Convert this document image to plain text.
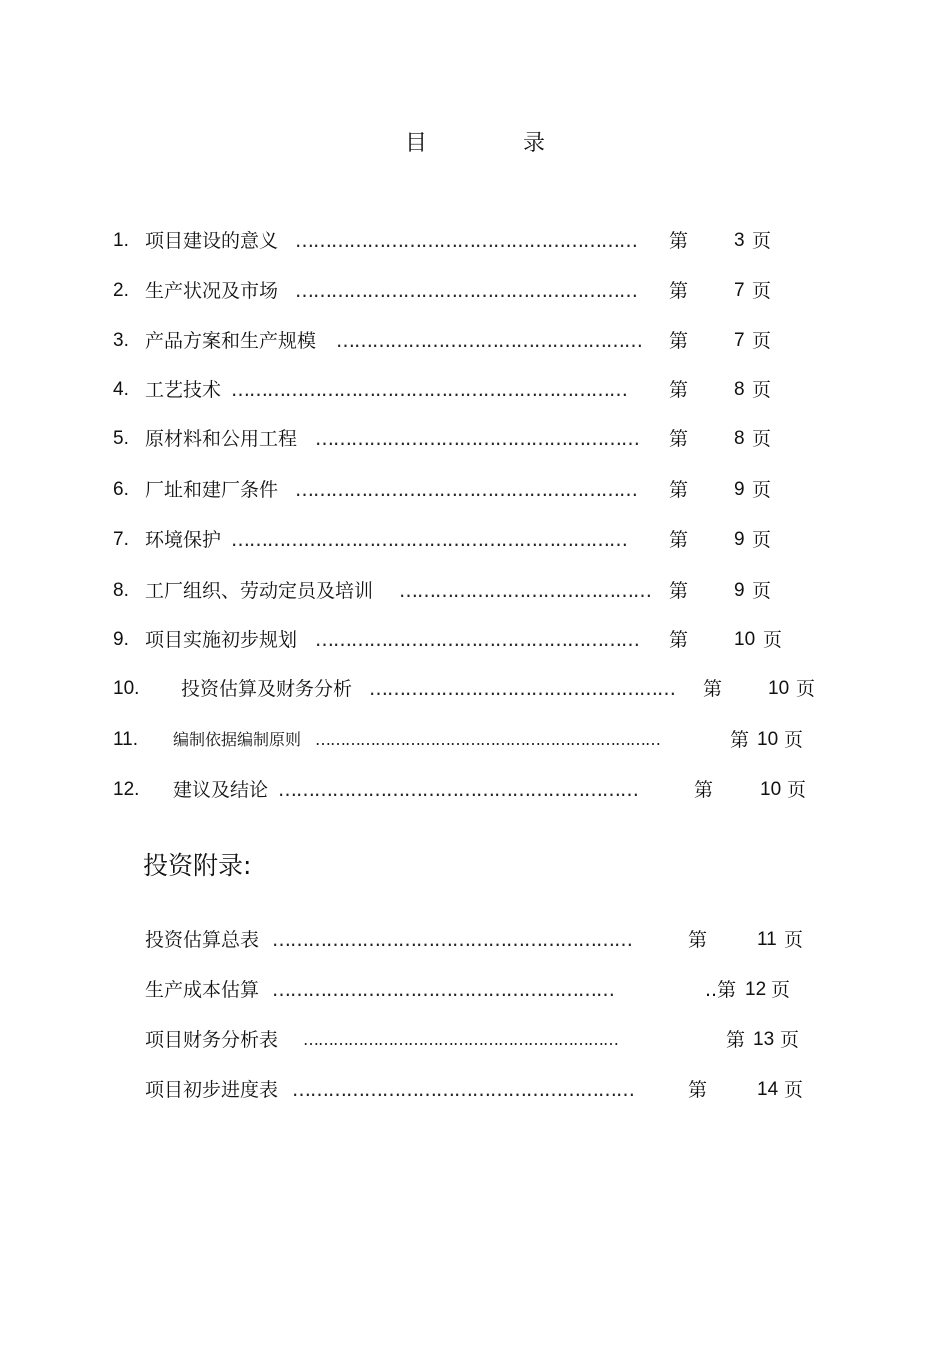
目	录
1. 项目建设的意义 …………………………………………………	第 3 页
2. 生产状况及市场 …………………………………………………	第 7 页
3. 产品方案和生产规模 ……………………………………………	第 7 页
4. 工艺技术 …………………………………………………………	第 8 页
5. 原材料和公用工程 ………………………………………………	第 8 页
6. 厂址和建厂条件 …………………………………………………	第 9 页
7. 环境保护 …………………………………………………………	第 9 页
8. 工厂组织、劳动定员及培训 …………………………………… 第 9 页
9. 项目实施初步规划 ………………………………………………	第 10 页
10. 投资估算及财务分析 ……………………………………………	第 10 页
11. 编制依据编制原则 ……………………………………………………………	第 10 页
12. 建议及结论 ……………………………………………………	第 10 页
投资附录:
投资估算总表 ……………………………………………………	第	11 页
生产成本估算 …………………………………………………	..第 12 页
项目财务分析表 ………………………………………………………	第 13 页
项目初步进度表 …………………………………………………	第	14 页
